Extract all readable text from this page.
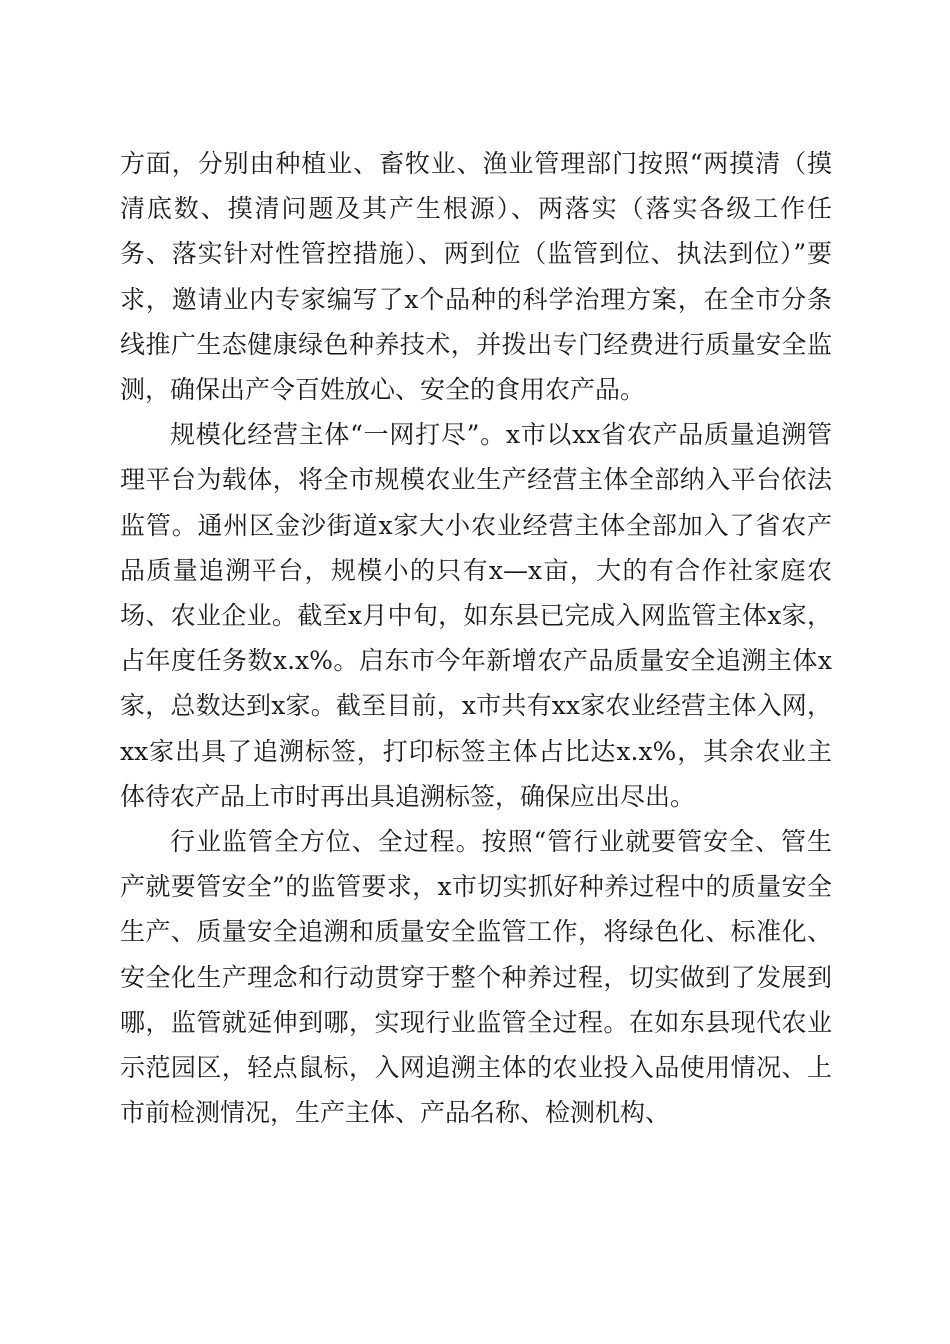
方面，分别由种植业、畜牧业、渔业管理部门按照“两摸清（摸清底数、摸清问题及其产生根源）、两落实（落实各级工作任务、落实针对性管控措施）、两到位（监管到位、执法到位）”要求，邀请业内专家编写了x个品种的科学治理方案，在全市分条线推广生态健康绿色种养技术，并拨出专门经费进行质量安全监测，确保出产令百姓放心、安全的食用农产品。

规模化经营主体“一网打尽”。x市以xx省农产品质量追溯管理平台为载体，将全市规模农业生产经营主体全部纳入平台依法监管。通州区金沙街道x家大小农业经营主体全部加入了省农产品质量追溯平台，规模小的只有x—x亩，大的有合作社家庭农场、农业企业。截至x月中旬，如东县已完成入网监管主体x家，占年度任务数x.x%。启东市今年新增农产品质量安全追溯主体x家，总数达到x家。截至目前，x市共有xx家农业经营主体入网，xx家出具了追溯标签，打印标签主体占比达x.x%，其余农业主体待农产品上市时再出具追溯标签，确保应出尽出。

行业监管全方位、全过程。按照“管行业就要管安全、管生产就要管安全”的监管要求，x市切实抓好种养过程中的质量安全生产、质量安全追溯和质量安全监管工作，将绿色化、标准化、安全化生产理念和行动贯穿于整个种养过程，切实做到了发展到哪，监管就延伸到哪，实现行业监管全过程。在如东县现代农业示范园区，轻点鼠标，入网追溯主体的农业投入品使用情况、上市前检测情况，生产主体、产品名称、检测机构、
